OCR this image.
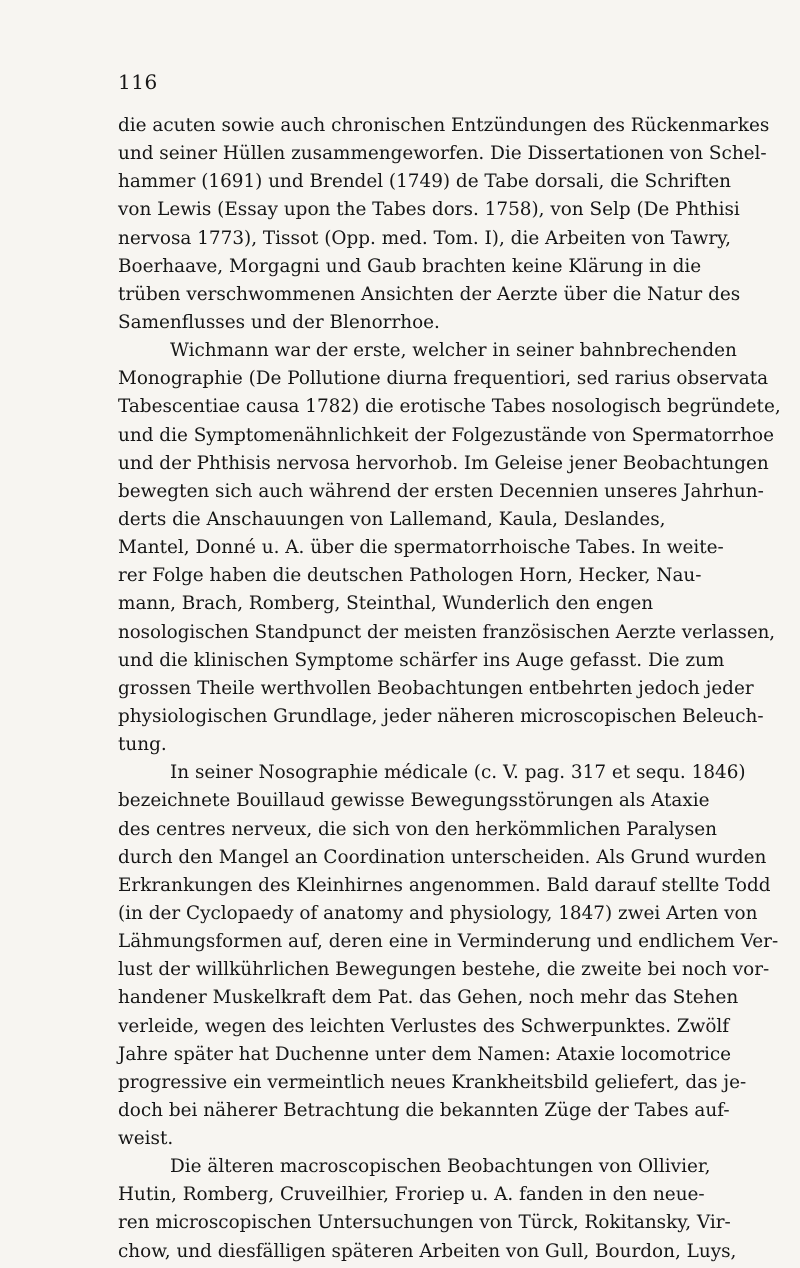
116
die acuten sowie auch chronischen Entzündungen des Rückenmarkes
und seiner Hüllen zusammengeworfen. Die Dissertationen von Schel-
hammer (1691) und Brendel (1749) de Tabe dorsali, die Schriften
von Lewis (Essay upon the Tabes dors. 1758), von Selp (De Phthisi
nervosa 1773), Tissot (Opp. med. Tom. I), die Arbeiten von Tawry,
Boerhaave, Morgagni und Gaub brachten keine Klärung in die
trüben verschwommenen Ansichten der Aerzte über die Natur des
Samenflusses und der Blenorrhoe.
Wichmann war der erste, welcher in seiner bahnbrechenden
Monographie (De Pollutione diurna frequentiori, sed rarius observata
Tabescentiae causa 1782) die erotische Tabes nosologisch begründete,
und die Symptomenähnlichkeit der Folgezustände von Spermatorrhoe
und der Phthisis nervosa hervorhob. Im Geleise jener Beobachtungen
bewegten sich auch während der ersten Decennien unseres Jahrhun-
derts die Anschauungen von Lallemand, Kaula, Deslandes,
Mantel, Donné u. A. über die spermatorrhoische Tabes. In weite-
rer Folge haben die deutschen Pathologen Horn, Hecker, Nau-
mann, Brach, Romberg, Steinthal, Wunderlich den engen
nosologischen Standpunct der meisten französischen Aerzte verlassen,
und die klinischen Symptome schärfer ins Auge gefasst. Die zum
grossen Theile werthvollen Beobachtungen entbehrten jedoch jeder
physiologischen Grundlage, jeder näheren microscopischen Beleuch-
tung.
In seiner Nosographie médicale (c. V. pag. 317 et sequ. 1846)
bezeichnete Bouillaud gewisse Bewegungsstörungen als Ataxie
des centres nerveux, die sich von den herkömmlichen Paralysen
durch den Mangel an Coordination unterscheiden. Als Grund wurden
Erkrankungen des Kleinhirnes angenommen. Bald darauf stellte Todd
(in der Cyclopaedy of anatomy and physiology, 1847) zwei Arten von
Lähmungsformen auf, deren eine in Verminderung und endlichem Ver-
lust der willkührlichen Bewegungen bestehe, die zweite bei noch vor-
handener Muskelkraft dem Pat. das Gehen, noch mehr das Stehen
verleide, wegen des leichten Verlustes des Schwerpunktes. Zwölf
Jahre später hat Duchenne unter dem Namen: Ataxie locomotrice
progressive ein vermeintlich neues Krankheitsbild geliefert, das je-
doch bei näherer Betrachtung die bekannten Züge der Tabes auf-
weist.
Die älteren macroscopischen Beobachtungen von Ollivier,
Hutin, Romberg, Cruveilhier, Froriep u. A. fanden in den neue-
ren microscopischen Untersuchungen von Türck, Rokitansky, Vir-
chow, und diesfälligen späteren Arbeiten von Gull, Bourdon, Luys,
